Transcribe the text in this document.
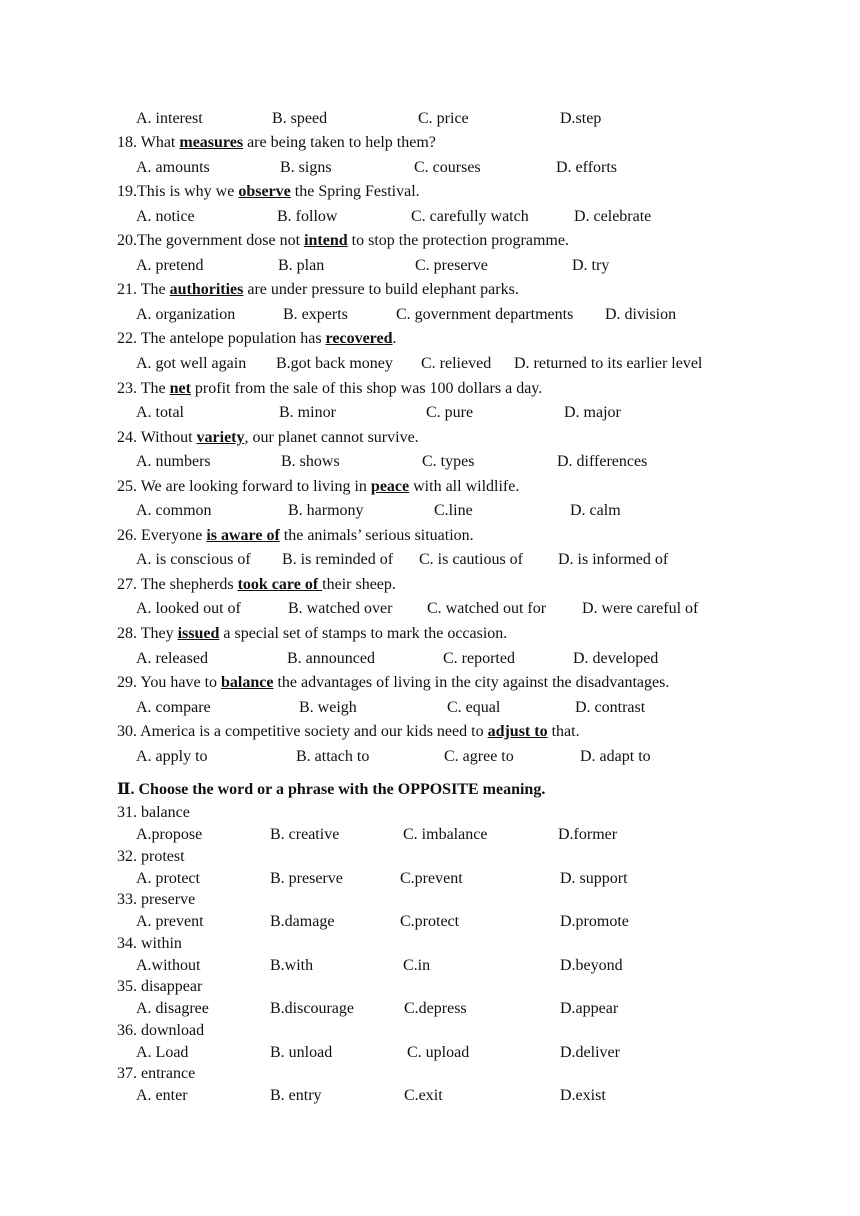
A. interest	B. speed	C. price	D.step
18. What measures are being taken to help them?
A. amounts	B. signs	C. courses	D. efforts
19.This is why we observe the Spring Festival.
A. notice	B. follow	C. carefully watch	D. celebrate
20.The government dose not intend to stop the protection programme.
A. pretend	B. plan	C. preserve	D. try
21. The authorities are under pressure to build elephant parks.
A. organization	B. experts	C. government departments D. division
22. The antelope population has recovered.
A. got well again B.got back money C. relieved D. returned to its earlier level
23. The net profit from the sale of this shop was 100 dollars a day.
A. total	B. minor	C. pure	D. major
24. Without variety, our planet cannot survive.
A. numbers	B. shows	C. types	D. differences
25. We are looking forward to living in peace with all wildlife.
A. common	B. harmony	C.line	D. calm
26. Everyone is aware of the animals’ serious situation.
A. is conscious of B. is reminded of C. is cautious of D. is informed of
27. The shepherds took care of their sheep.
A. looked out of	B. watched over C. watched out for D. were careful of
28. They issued a special set of stamps to mark the occasion.
A. released	B. announced	C. reported	D. developed
29. You have to balance the advantages of living in the city against the disadvantages.
A. compare	B. weigh	C. equal	D. contrast
30. America is a competitive society and our kids need to adjust to that.
A. apply to	B. attach to	C. agree to	D. adapt to
Ⅱ. Choose the word or a phrase with the OPPOSITE meaning.
31. balance
A.propose	B. creative	C. imbalance	D.former
32. protest
A. protect	B. preserve	C.prevent	D. support
33. preserve
A. prevent	B.damage	C.protect	D.promote
34. within
A.without	B.with	C.in	D.beyond
35. disappear
A. disagree	B.discourage	C.depress	D.appear
36. download
A. Load	B. unload	C. upload	D.deliver
37. entrance
A. enter	B. entry	C.exit	D.exist
